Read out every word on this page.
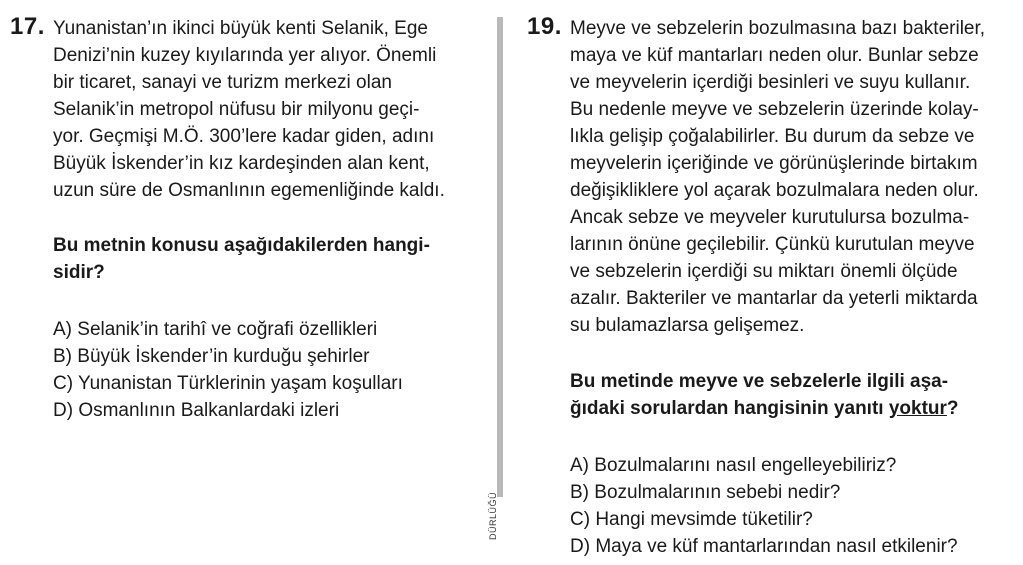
17. Yunanistan’ın ikinci büyük kenti Selanik, Ege
Denizi’nin kuzey kıyılarında yer alıyor. Önemli
bir ticaret, sanayi ve turizm merkezi olan
Selanik’in metropol nüfusu bir milyonu geçi-
yor. Geçmişi M.Ö. 300’lere kadar giden, adını
Büyük İskender’in kız kardeşinden alan kent,
uzun süre de Osmanlının egemenliğinde kaldı.
Bu metnin konusu aşağıdakilerden hangi-
sidir?
A) Selanik’in tarihî ve coğrafi özellikleri
B) Büyük İskender’in kurduğu şehirler
C) Yunanistan Türklerinin yaşam koşulları
D) Osmanlının Balkanlardaki izleri
DÜRLÜĞÜ
19. Meyve ve sebzelerin bozulmasına bazı bakteriler,
maya ve küf mantarları neden olur. Bunlar sebze
ve meyvelerin içerdiği besinleri ve suyu kullanır.
Bu nedenle meyve ve sebzelerin üzerinde kolay-
lıkla gelişip çoğalabilirler. Bu durum da sebze ve
meyvelerin içeriğinde ve görünüşlerinde birtakım
değişikliklere yol açarak bozulmalara neden olur.
Ancak sebze ve meyveler kurutulursa bozulma-
larının önüne geçilebilir. Çünkü kurutulan meyve
ve sebzelerin içerdiği su miktarı önemli ölçüde
azalır. Bakteriler ve mantarlar da yeterli miktarda
su bulamazlarsa gelişemez.
Bu metinde meyve ve sebzelerle ilgili aşa-
ğıdaki sorulardan hangisinin yanıtı yoktur?
A) Bozulmalarını nasıl engelleyebiliriz?
B) Bozulmalarının sebebi nedir?
C) Hangi mevsimde tüketilir?
D) Maya ve küf mantarlarından nasıl etkilenir?
